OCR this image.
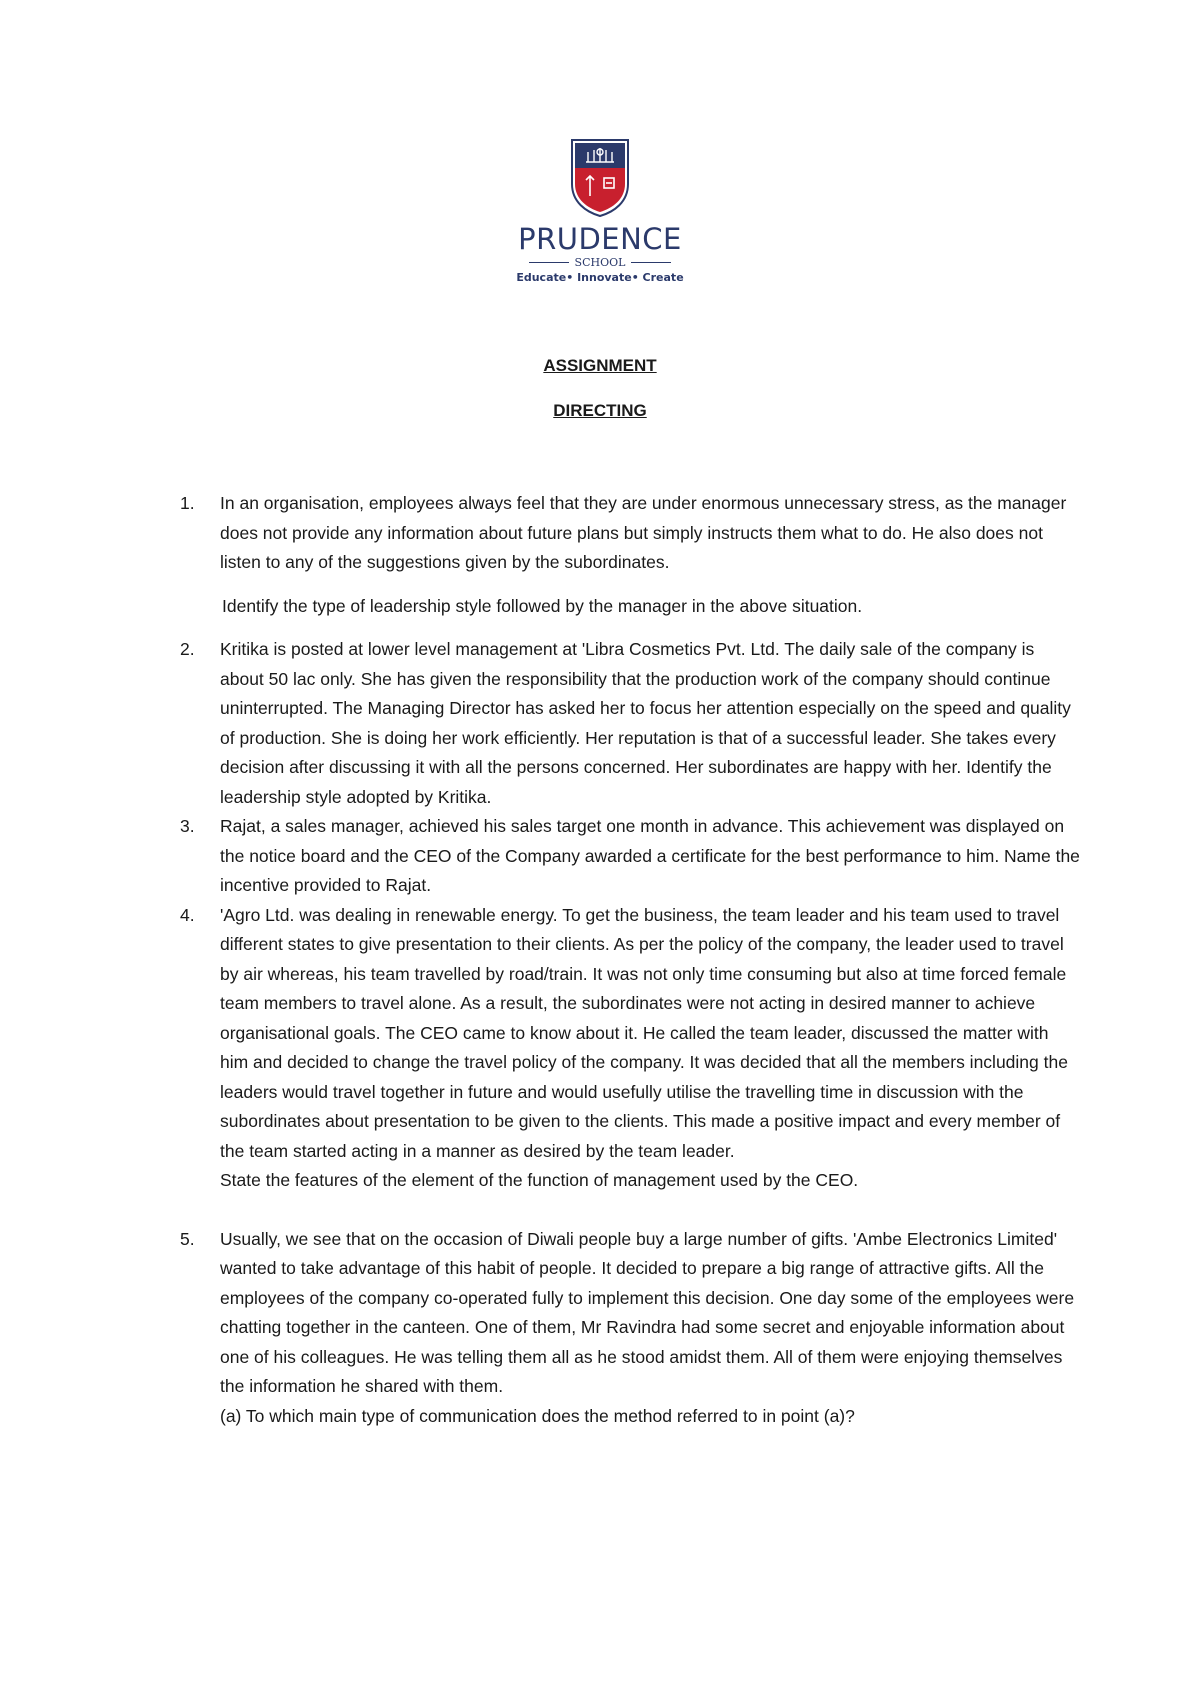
PRUDENCE
SCHOOL
Educate• Innovate• Create
ASSIGNMENT
DIRECTING
1. In an organisation, employees always feel that they are under enormous unnecessary stress, as the manager does not provide any information about future plans but simply instructs them what to do. He also does not listen to any of the suggestions given by the subordinates.
Identify the type of leadership style followed by the manager in the above situation.
2. Kritika is posted at lower level management at 'Libra Cosmetics Pvt. Ltd. The daily sale of the company is about 50 lac only. She has given the responsibility that the production work of the company should continue uninterrupted. The Managing Director has asked her to focus her attention especially on the speed and quality of production. She is doing her work efficiently. Her reputation is that of a successful leader. She takes every decision after discussing it with all the persons concerned. Her subordinates are happy with her. Identify the leadership style adopted by Kritika.
3. Rajat, a sales manager, achieved his sales target one month in advance. This achievement was displayed on the notice board and the CEO of the Company awarded a certificate for the best performance to him. Name the incentive provided to Rajat.
4. 'Agro Ltd. was dealing in renewable energy. To get the business, the team leader and his team used to travel different states to give presentation to their clients. As per the policy of the company, the leader used to travel by air whereas, his team travelled by road/train. It was not only time consuming but also at time forced female team members to travel alone. As a result, the subordinates were not acting in desired manner to achieve organisational goals. The CEO came to know about it. He called the team leader, discussed the matter with him and decided to change the travel policy of the company. It was decided that all the members including the leaders would travel together in future and would usefully utilise the travelling time in discussion with the subordinates about presentation to be given to the clients. This made a positive impact and every member of the team started acting in a manner as desired by the team leader.
State the features of the element of the function of management used by the CEO.
5. Usually, we see that on the occasion of Diwali people buy a large number of gifts. 'Ambe Electronics Limited' wanted to take advantage of this habit of people. It decided to prepare a big range of attractive gifts. All the employees of the company co-operated fully to implement this decision. One day some of the employees were chatting together in the canteen. One of them, Mr Ravindra had some secret and enjoyable information about one of his colleagues. He was telling them all as he stood amidst them. All of them were enjoying themselves the information he shared with them.
(a) To which main type of communication does the method referred to in point (a)?
